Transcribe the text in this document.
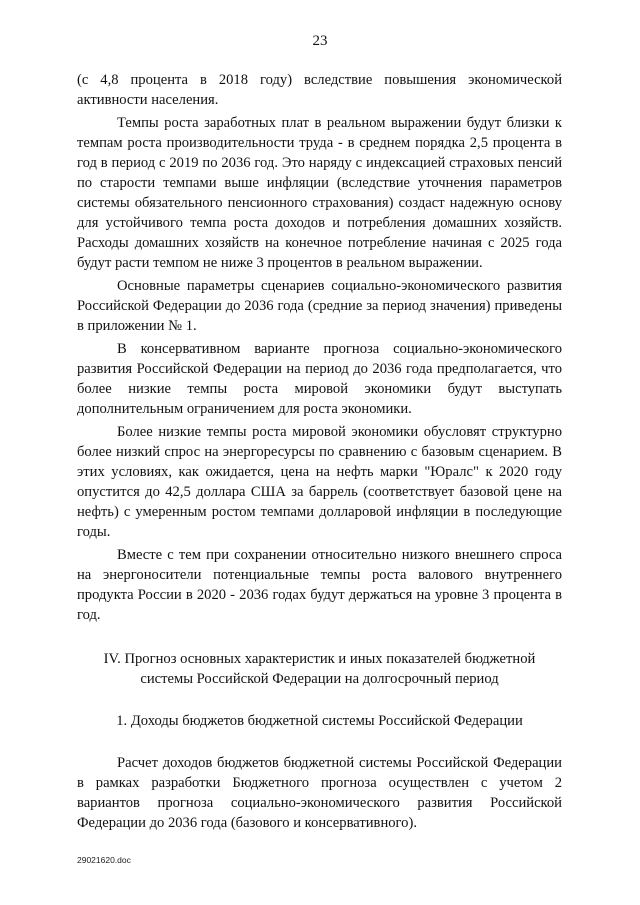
23

(с 4,8 процента в 2018 году) вследствие повышения экономической активности населения.

Темпы роста заработных плат в реальном выражении будут близки к темпам роста производительности труда - в среднем порядка 2,5 процента в год в период с 2019 по 2036 год. Это наряду с индексацией страховых пенсий по старости темпами выше инфляции (вследствие уточнения параметров системы обязательного пенсионного страхования) создаст надежную основу для устойчивого темпа роста доходов и потребления домашних хозяйств. Расходы домашних хозяйств на конечное потребление начиная с 2025 года будут расти темпом не ниже 3 процентов в реальном выражении.

Основные параметры сценариев социально-экономического развития Российской Федерации до 2036 года (средние за период значения) приведены в приложении № 1.

В консервативном варианте прогноза социально-экономического развития Российской Федерации на период до 2036 года предполагается, что более низкие темпы роста мировой экономики будут выступать дополнительным ограничением для роста экономики.

Более низкие темпы роста мировой экономики обусловят структурно более низкий спрос на энергоресурсы по сравнению с базовым сценарием. В этих условиях, как ожидается, цена на нефть марки "Юралс" к 2020 году опустится до 42,5 доллара США за баррель (соответствует базовой цене на нефть) с умеренным ростом темпами долларовой инфляции в последующие годы.

Вместе с тем при сохранении относительно низкого внешнего спроса на энергоносители потенциальные темпы роста валового внутреннего продукта России в 2020 - 2036 годах будут держаться на уровне 3 процента в год.

IV. Прогноз основных характеристик и иных показателей бюджетной
системы Российской Федерации на долгосрочный период
1. Доходы бюджетов бюджетной системы Российской Федерации

Расчет доходов бюджетов бюджетной системы Российской Федерации в рамках разработки Бюджетного прогноза осуществлен с учетом 2 вариантов прогноза социально-экономического развития Российской Федерации до 2036 года (базового и консервативного).

29021620.doc
